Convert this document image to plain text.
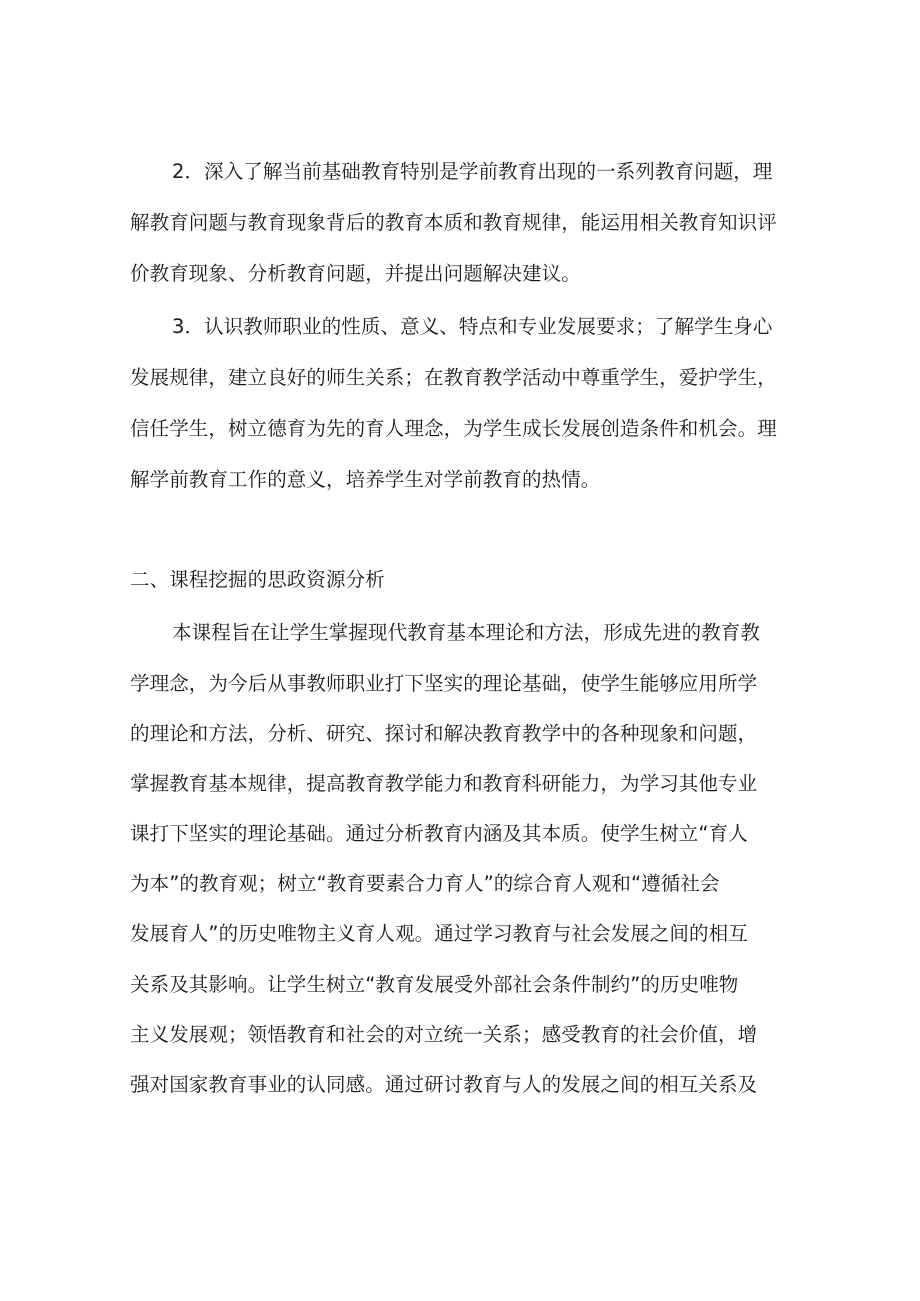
2．深入了解当前基础教育特别是学前教育出现的一系列教育问题，理

解教育问题与教育现象背后的教育本质和教育规律，能运用相关教育知识评

价教育现象、分析教育问题，并提出问题解决建议。

3．认识教师职业的性质、意义、特点和专业发展要求；了解学生身心

发展规律，建立良好的师生关系；在教育教学活动中尊重学生，爱护学生，

信任学生，树立德育为先的育人理念，为学生成长发展创造条件和机会。理

解学前教育工作的意义，培养学生对学前教育的热情。

二、课程挖掘的思政资源分析

本课程旨在让学生掌握现代教育基本理论和方法，形成先进的教育教

学理念，为今后从事教师职业打下坚实的理论基础，使学生能够应用所学

的理论和方法，分析、研究、探讨和解决教育教学中的各种现象和问题，

掌握教育基本规律，提高教育教学能力和教育科研能力，为学习其他专业

课打下坚实的理论基础。通过分析教育内涵及其本质。使学生树立“育人

为本”的教育观；树立“教育要素合力育人”的综合育人观和“遵循社会

发展育人”的历史唯物主义育人观。通过学习教育与社会发展之间的相互

关系及其影响。让学生树立“教育发展受外部社会条件制约”的历史唯物

主义发展观；领悟教育和社会的对立统一关系；感受教育的社会价值，增

强对国家教育事业的认同感。通过研讨教育与人的发展之间的相互关系及
